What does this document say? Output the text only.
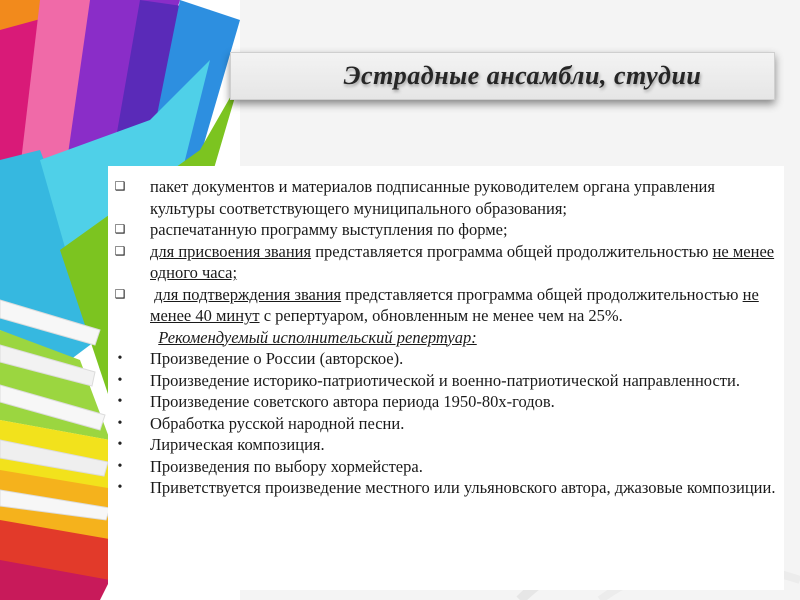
Эстрадные ансамбли, студии
❑	пакет документов и материалов подписанные руководителем органа управления культуры соответствующего муниципального образования;
❑	распечатанную программу выступления по форме;
❑	для присвоения звания представляется программа общей продолжительностью не менее одного часа;
❑	для подтверждения звания представляется программа общей продолжительностью не менее 40 минут с репертуаром, обновленным не менее чем на 25%.
Рекомендуемый исполнительский репертуар:
•	Произведение о России (авторское).
•	Произведение историко-патриотической и военно-патриотической направленности.
•	Произведение советского автора периода 1950-80х-годов.
•	Обработка русской народной песни.
•	Лирическая композиция.
•	Произведения по выбору хормейстера.
•	Приветствуется произведение местного или ульяновского автора, джазовые композиции.
